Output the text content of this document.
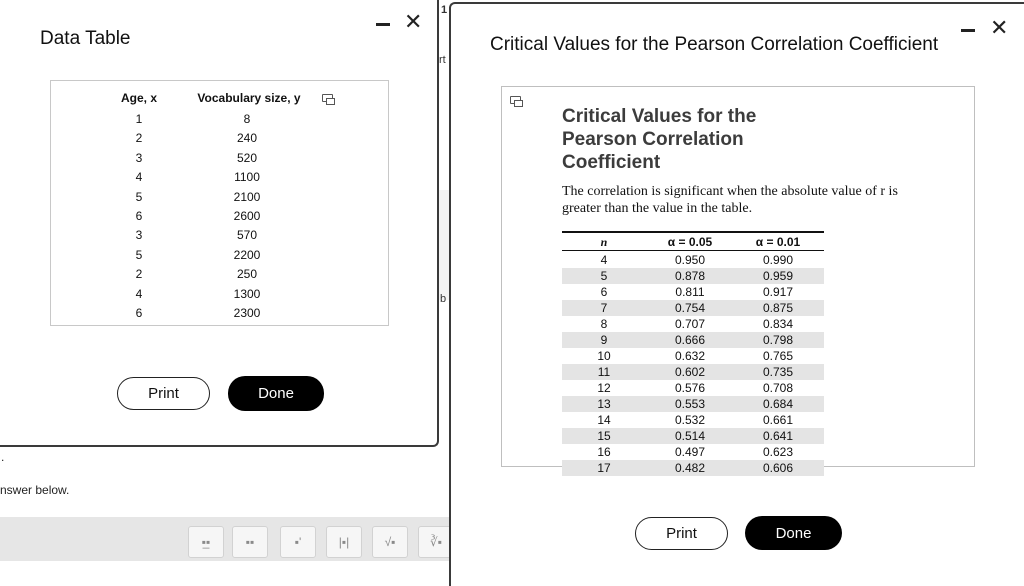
1
rt
b
.
nswer below.
▪̲▪	▪▪	▪'	|▪|	√▪	∛▪
✕
Data Table
Age, x	Vocabulary size, y
1	8
2	240
3	520
4	1100
5	2100
6	2600
3	570
5	2200
2	250
4	1300
6	2300
Print	Done
✕
Critical Values for the Pearson Correlation Coefficient
Critical Values for the
Pearson Correlation
Coefficient
The correlation is significant when the absolute value of r is greater than the value in the table.
n	α = 0.05	α = 0.01
4	0.950	0.990
5	0.878	0.959
6	0.811	0.917
7	0.754	0.875
8	0.707	0.834
9	0.666	0.798
10	0.632	0.765
11	0.602	0.735
12	0.576	0.708
13	0.553	0.684
14	0.532	0.661
15	0.514	0.641
16	0.497	0.623
17	0.482	0.606
Print	Done
